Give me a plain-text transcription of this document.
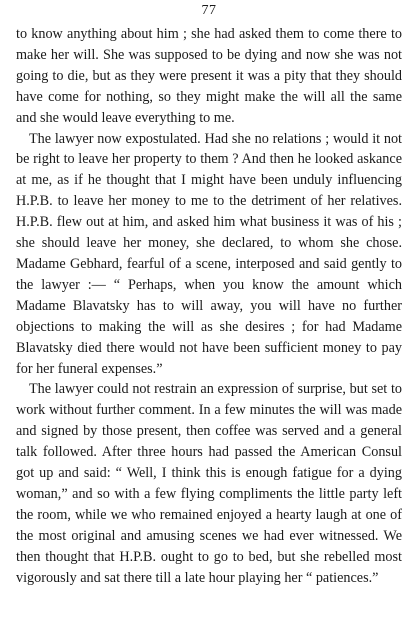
77

to know anything about him ; she had asked them to come there to make her will. She was supposed to be dying and now she was not going to die, but as they were present it was a pity that they should have come for nothing, so they might make the will all the same and she would leave everything to me.

The lawyer now expostulated. Had she no relations ; would it not be right to leave her property to them ? And then he looked askance at me, as if he thought that I might have been unduly influencing H.P.B. to leave her money to me to the detriment of her relatives. H.P.B. flew out at him, and asked him what business it was of his ; she should leave her money, she declared, to whom she chose. Madame Gebhard, fearful of a scene, interposed and said gently to the lawyer :— “ Perhaps, when you know the amount which Madame Blavatsky has to will away, you will have no further objections to making the will as she desires ; for had Madame Blavatsky died there would not have been sufficient money to pay for her funeral expenses.”

The lawyer could not restrain an expression of surprise, but set to work without further comment. In a few minutes the will was made and signed by those present, then coffee was served and a general talk followed. After three hours had passed the American Consul got up and said: “ Well, I think this is enough fatigue for a dying woman,” and so with a few flying compliments the little party left the room, while we who remained enjoyed a hearty laugh at one of the most original and amusing scenes we had ever witnessed. We then thought that H.P.B. ought to go to bed, but she rebelled most vigorously and sat there till a late hour playing her “ patiences.”
